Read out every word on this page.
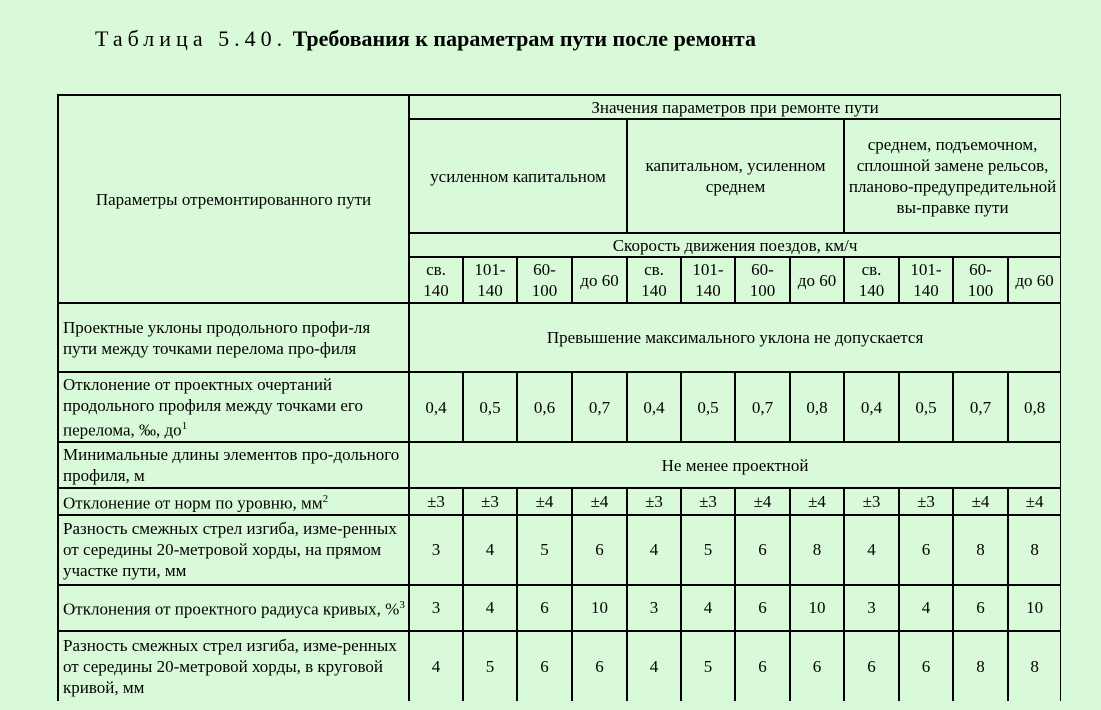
Таблица 5.40. Требования к параметрам пути после ремонта
Параметры отремонтированного пути	Значения параметров при ремонте пути											
	усиленном капитальном				капитальном, усиленном среднем				среднем, подъемочном, сплошной замене рельсов, планово-предупредительной вы-правке пути			
	Скорость движения поездов, км/ч											
	св. 140	101-140	60-100	до 60	св. 140	101-140	60-100	до 60	св. 140	101-140	60-100	до 60
Проектные уклоны продольного профи-ля пути между точками перелома про-филя	Превышение максимального уклона не допускается											
Отклонение от проектных очертаний продольного профиля между точками его перелома, ‰, $до^1$	0,4	0,5	0,6	0,7	0,4	0,5	0,7	0,8	0,4	0,5	0,7	0,8
Минимальные длины элементов про-дольного профиля, м	Не менее проектной											
Отклонение от норм по уровню, $мм^2$	±3	±3	±4	±4	±3	±3	±4	±4	±3	±3	±4	±4
Разность смежных стрел изгиба, изме-ренных от середины 20-метровой хорды, на прямом участке пути, мм	3	4	5	6	4	5	6	8	4	6	8	8
Отклонения от проектного радиуса кривых, %$^3$	3	4	6	10	3	4	6	10	3	4	6	10
Разность смежных стрел изгиба, изме-ренных от середины 20-метровой хорды, в круговой кривой, мм	4	5	6	6	4	5	6	6	6	6	8	8
